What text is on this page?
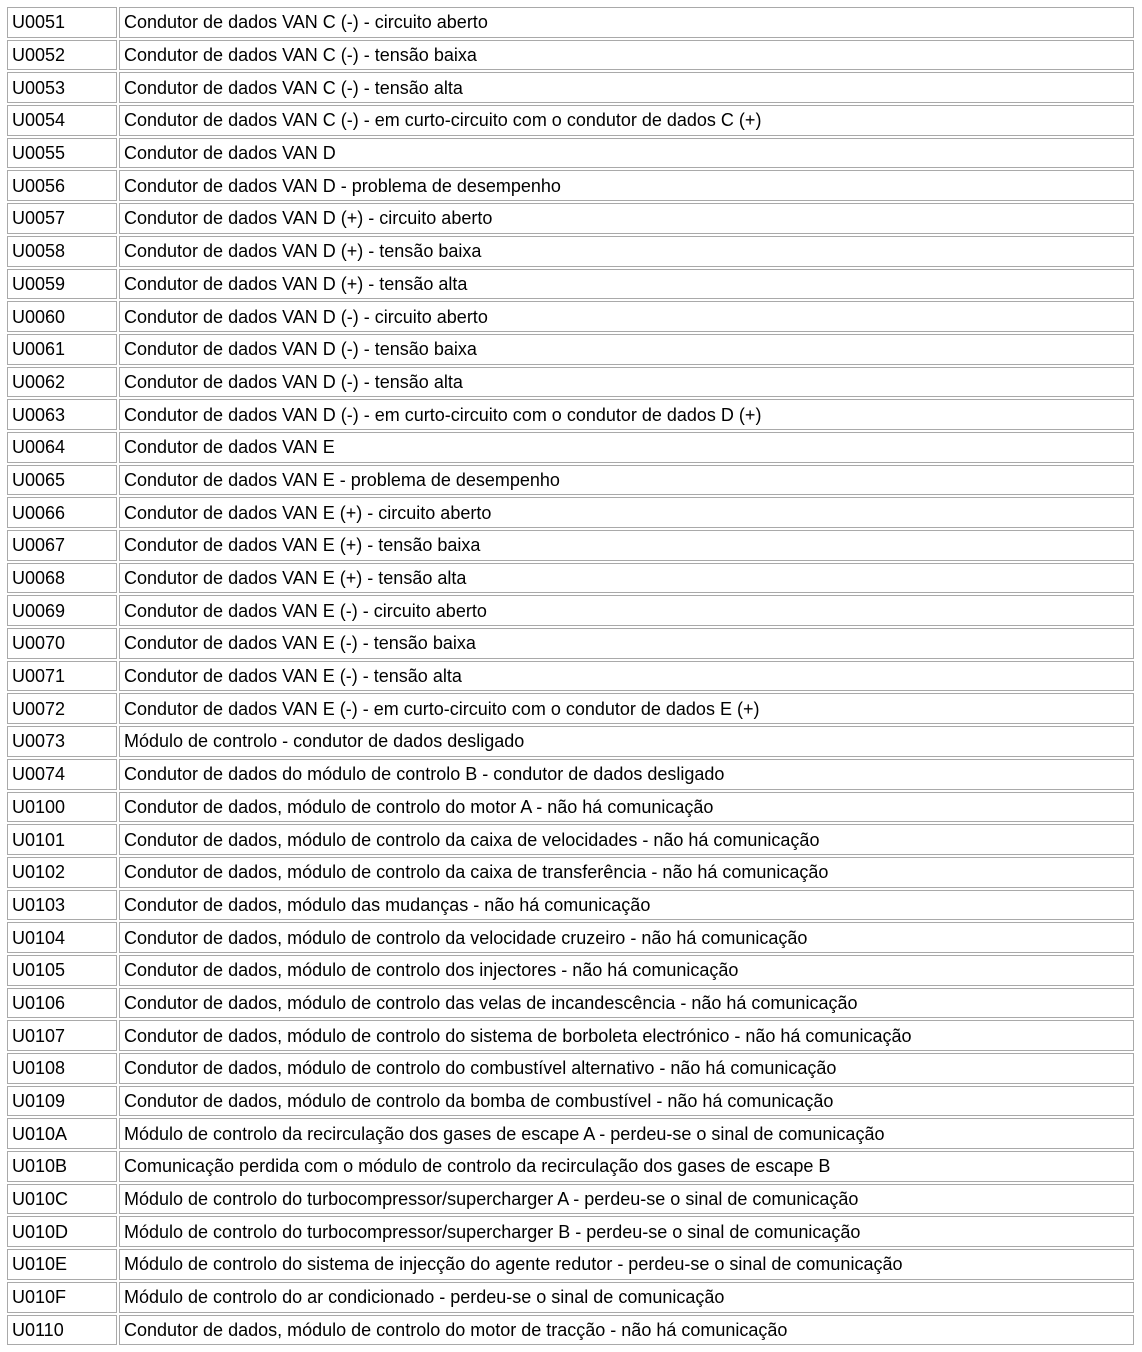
U0051	Condutor de dados VAN C (-) - circuito aberto
U0052	Condutor de dados VAN C (-) - tensão baixa
U0053	Condutor de dados VAN C (-) - tensão alta
U0054	Condutor de dados VAN C (-) - em curto-circuito com o condutor de dados C (+)
U0055	Condutor de dados VAN D
U0056	Condutor de dados VAN D - problema de desempenho
U0057	Condutor de dados VAN D (+) - circuito aberto
U0058	Condutor de dados VAN D (+) - tensão baixa
U0059	Condutor de dados VAN D (+) - tensão alta
U0060	Condutor de dados VAN D (-) - circuito aberto
U0061	Condutor de dados VAN D (-) - tensão baixa
U0062	Condutor de dados VAN D (-) - tensão alta
U0063	Condutor de dados VAN D (-) - em curto-circuito com o condutor de dados D (+)
U0064	Condutor de dados VAN E
U0065	Condutor de dados VAN E - problema de desempenho
U0066	Condutor de dados VAN E (+) - circuito aberto
U0067	Condutor de dados VAN E (+) - tensão baixa
U0068	Condutor de dados VAN E (+) - tensão alta
U0069	Condutor de dados VAN E (-) - circuito aberto
U0070	Condutor de dados VAN E (-) - tensão baixa
U0071	Condutor de dados VAN E (-) - tensão alta
U0072	Condutor de dados VAN E (-) - em curto-circuito com o condutor de dados E (+)
U0073	Módulo de controlo - condutor de dados desligado
U0074	Condutor de dados do módulo de controlo B - condutor de dados desligado
U0100	Condutor de dados, módulo de controlo do motor A - não há comunicação
U0101	Condutor de dados, módulo de controlo da caixa de velocidades - não há comunicação
U0102	Condutor de dados, módulo de controlo da caixa de transferência - não há comunicação
U0103	Condutor de dados, módulo das mudanças - não há comunicação
U0104	Condutor de dados, módulo de controlo da velocidade cruzeiro - não há comunicação
U0105	Condutor de dados, módulo de controlo dos injectores - não há comunicação
U0106	Condutor de dados, módulo de controlo das velas de incandescência - não há comunicação
U0107	Condutor de dados, módulo de controlo do sistema de borboleta electrónico - não há comunicação
U0108	Condutor de dados, módulo de controlo do combustível alternativo - não há comunicação
U0109	Condutor de dados, módulo de controlo da bomba de combustível - não há comunicação
U010A	Módulo de controlo da recirculação dos gases de escape A - perdeu-se o sinal de comunicação
U010B	Comunicação perdida com o módulo de controlo da recirculação dos gases de escape B
U010C	Módulo de controlo do turbocompressor/supercharger A - perdeu-se o sinal de comunicação
U010D	Módulo de controlo do turbocompressor/supercharger B - perdeu-se o sinal de comunicação
U010E	Módulo de controlo do sistema de injecção do agente redutor - perdeu-se o sinal de comunicação
U010F	Módulo de controlo do ar condicionado - perdeu-se o sinal de comunicação
U0110	Condutor de dados, módulo de controlo do motor de tracção - não há comunicação
